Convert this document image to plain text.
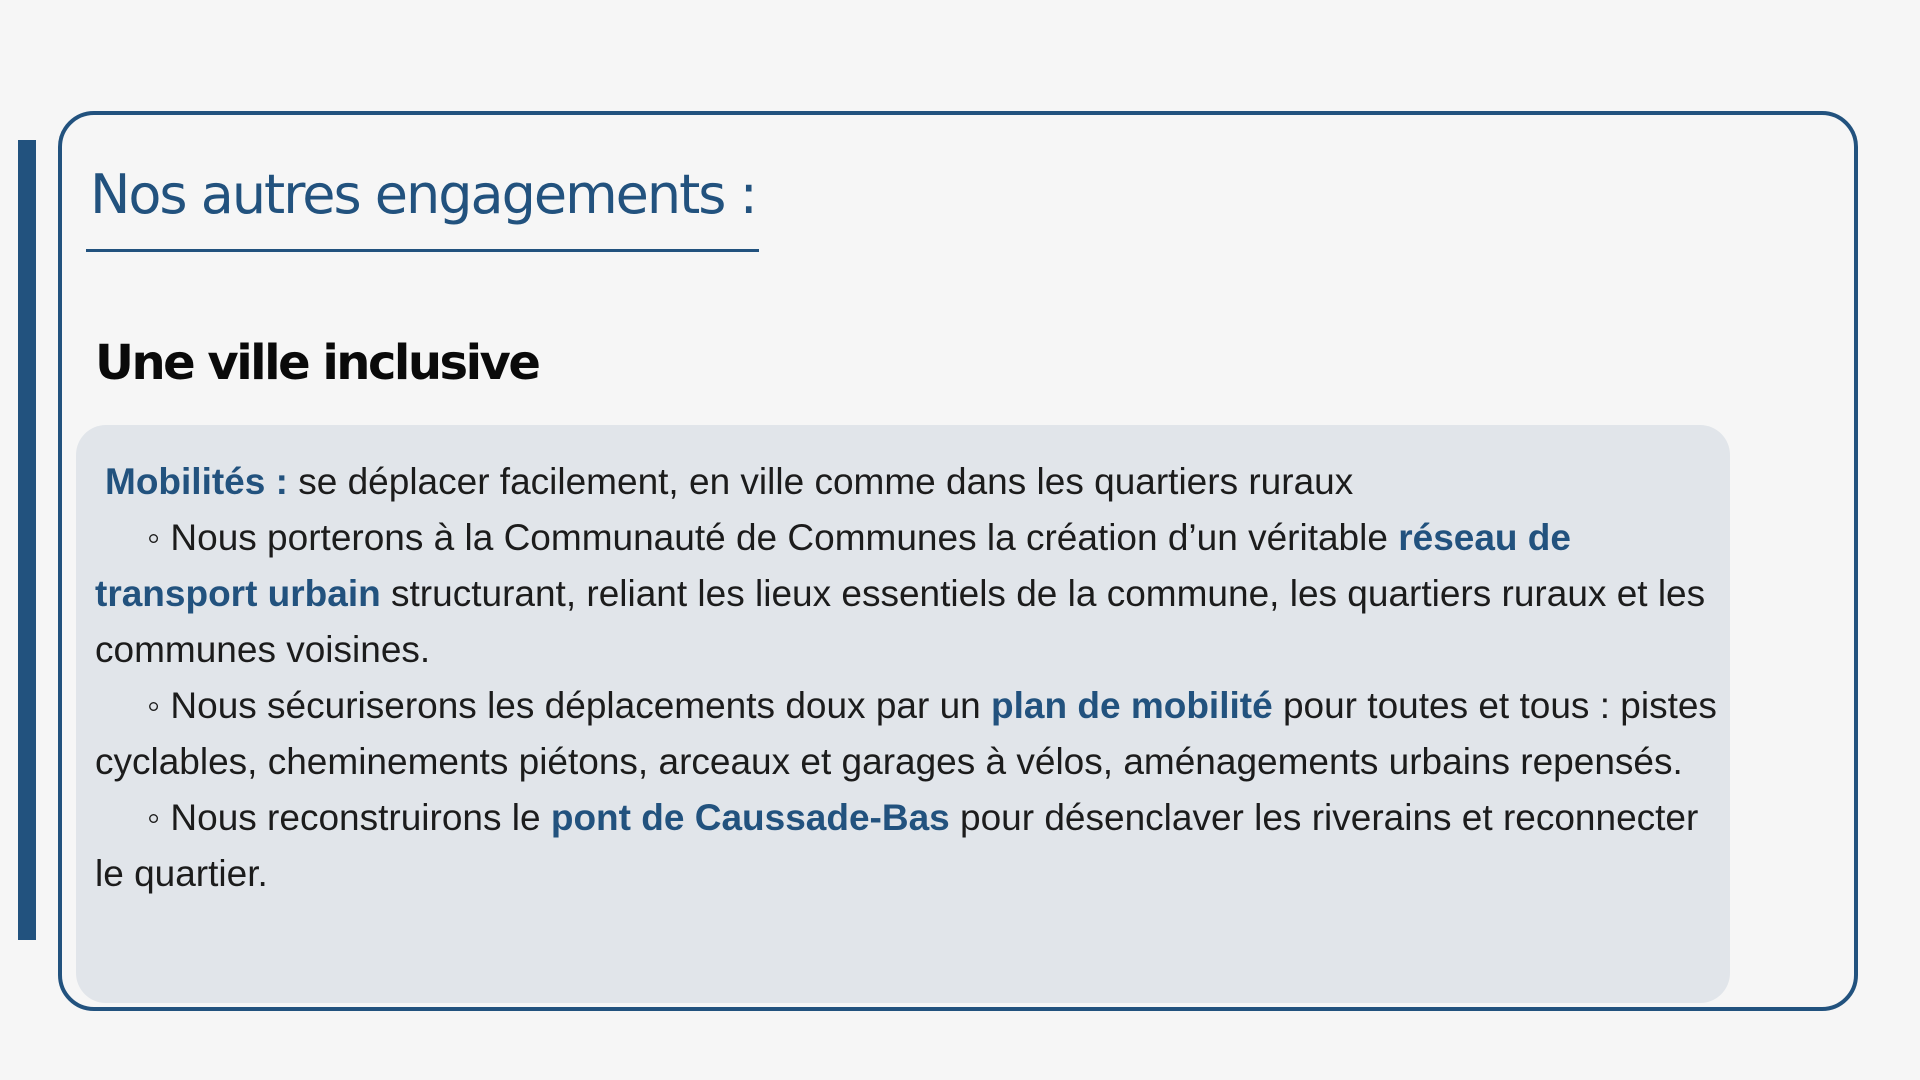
Nos autres engagements :
Une ville inclusive

Mobilités : se déplacer facilement, en ville comme dans les quartiers ruraux

◦ Nous porterons à la Communauté de Communes la création d’un véritable réseau de transport urbain structurant, reliant les lieux essentiels de la commune, les quartiers ruraux et les communes voisines.

◦ Nous sécuriserons les déplacements doux par un plan de mobilité pour toutes et tous : pistes cyclables, cheminements piétons, arceaux et garages à vélos, aménagements urbains repensés.

◦ Nous reconstruirons le pont de Caussade-Bas pour désenclaver les riverains et reconnecter le quartier.
